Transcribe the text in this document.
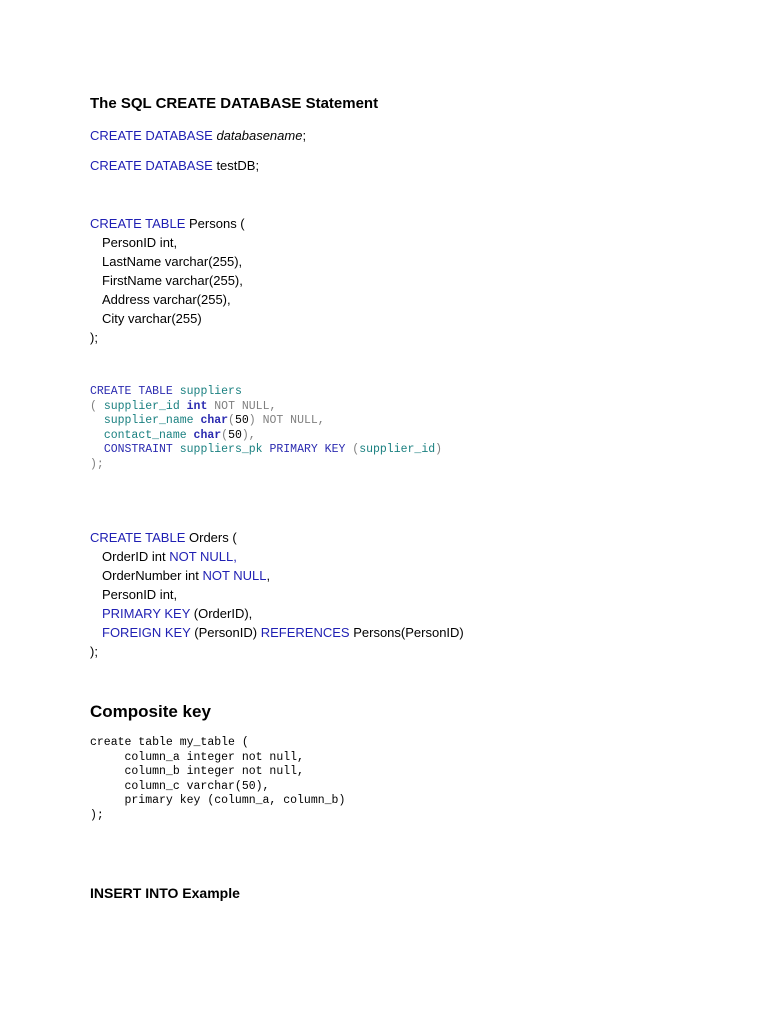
The SQL CREATE DATABASE Statement
CREATE DATABASE databasename;
CREATE DATABASE testDB;
CREATE TABLE Persons (
PersonID int,
LastName varchar(255),
FirstName varchar(255),
Address varchar(255),
City varchar(255)
);
CREATE TABLE suppliers
( supplier_id int NOT NULL,
supplier_name char(50) NOT NULL,
contact_name char(50),
CONSTRAINT suppliers_pk PRIMARY KEY (supplier_id)
);
CREATE TABLE Orders (
OrderID int NOT NULL,
OrderNumber int NOT NULL,
PersonID int,
PRIMARY KEY (OrderID),
FOREIGN KEY (PersonID) REFERENCES Persons(PersonID)
);
Composite key
create table my_table (
column_a integer not null,
column_b integer not null,
column_c varchar(50),
primary key (column_a, column_b)
);
INSERT INTO Example
